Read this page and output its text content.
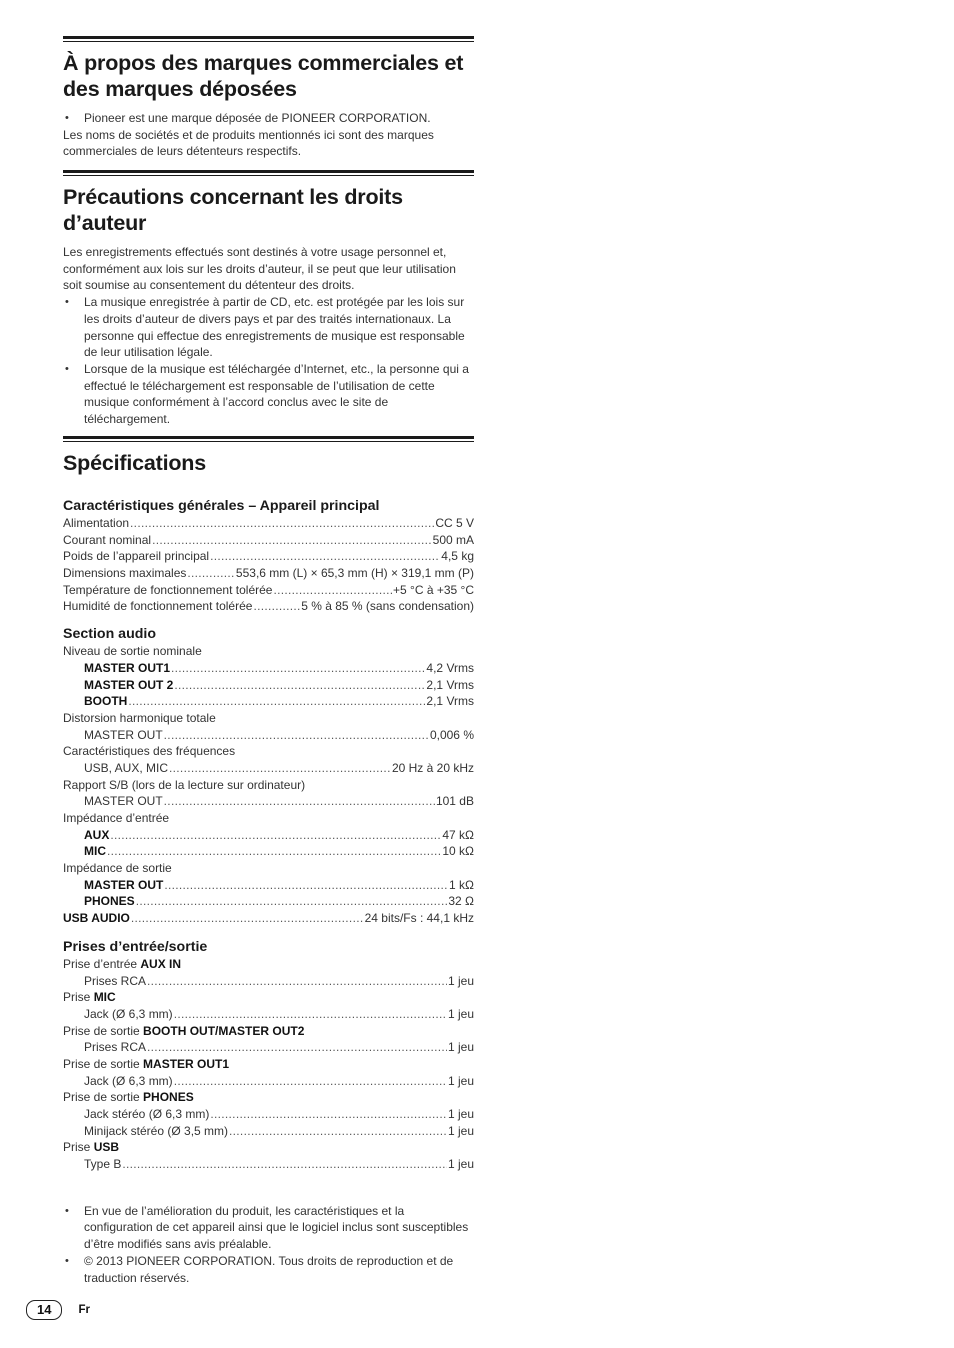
À propos des marques commerciales et des marques déposées
• Pioneer est une marque déposée de PIONEER CORPORATION.

Les noms de sociétés et de produits mentionnés ici sont des marques commerciales de leurs détenteurs respectifs.

Précautions concernant les droits d’auteur

Les enregistrements effectués sont destinés à votre usage personnel et, conformément aux lois sur les droits d’auteur, il se peut que leur utilisation soit soumise au consentement du détenteur des droits.

• La musique enregistrée à partir de CD, etc. est protégée par les lois sur les droits d’auteur de divers pays et par des traités internationaux. La personne qui effectue des enregistrements de musique est responsable de leur utilisation légale.
• Lorsque de la musique est téléchargée d’Internet, etc., la personne qui a effectué le téléchargement est responsable de l’utilisation de cette musique conformément à l’accord conclus avec le site de téléchargement.
Spécifications
Caractéristiques générales – Appareil principal
Alimentation .....	CC 5 V
Courant nominal .....	500 mA
Poids de l’appareil principal .....	4,5 kg
Dimensions maximales .....	553,6 mm (L) × 65,3 mm (H) × 319,1 mm (P)
Température de fonctionnement tolérée .....	+5 °C à +35 °C
Humidité de fonctionnement tolérée .....	5 % à 85 % (sans condensation)
Section audio
Niveau de sortie nominale
MASTER OUT1 .....	4,2 Vrms
MASTER OUT 2 .....	2,1 Vrms
BOOTH .....	2,1 Vrms
Distorsion harmonique totale
MASTER OUT .....	0,006 %
Caractéristiques des fréquences
USB, AUX, MIC .....	20 Hz à 20 kHz
Rapport S/B (lors de la lecture sur ordinateur)
MASTER OUT .....	101 dB
Impédance d’entrée
AUX .....	47 kΩ
MIC .....	10 kΩ
Impédance de sortie
MASTER OUT .....	1 kΩ
PHONES .....	32 Ω
USB AUDIO .....	24 bits/Fs : 44,1 kHz
Prises d’entrée/sortie
Prise d’entrée AUX IN
Prises RCA .....	1 jeu
Prise MIC
Jack (Ø 6,3 mm) .....	1 jeu
Prise de sortie BOOTH OUT/MASTER OUT2
Prises RCA .....	1 jeu
Prise de sortie MASTER OUT1
Jack (Ø 6,3 mm) .....	1 jeu
Prise de sortie PHONES
Jack stéréo (Ø 6,3 mm) .....	1 jeu
Minijack stéréo (Ø 3,5 mm) .....	1 jeu
Prise USB
Type B .....	1 jeu
• En vue de l’amélioration du produit, les caractéristiques et la configuration de cet appareil ainsi que le logiciel inclus sont susceptibles d’être modifiés sans avis préalable.
• © 2013 PIONEER CORPORATION. Tous droits de reproduction et de traduction réservés.
14	Fr
